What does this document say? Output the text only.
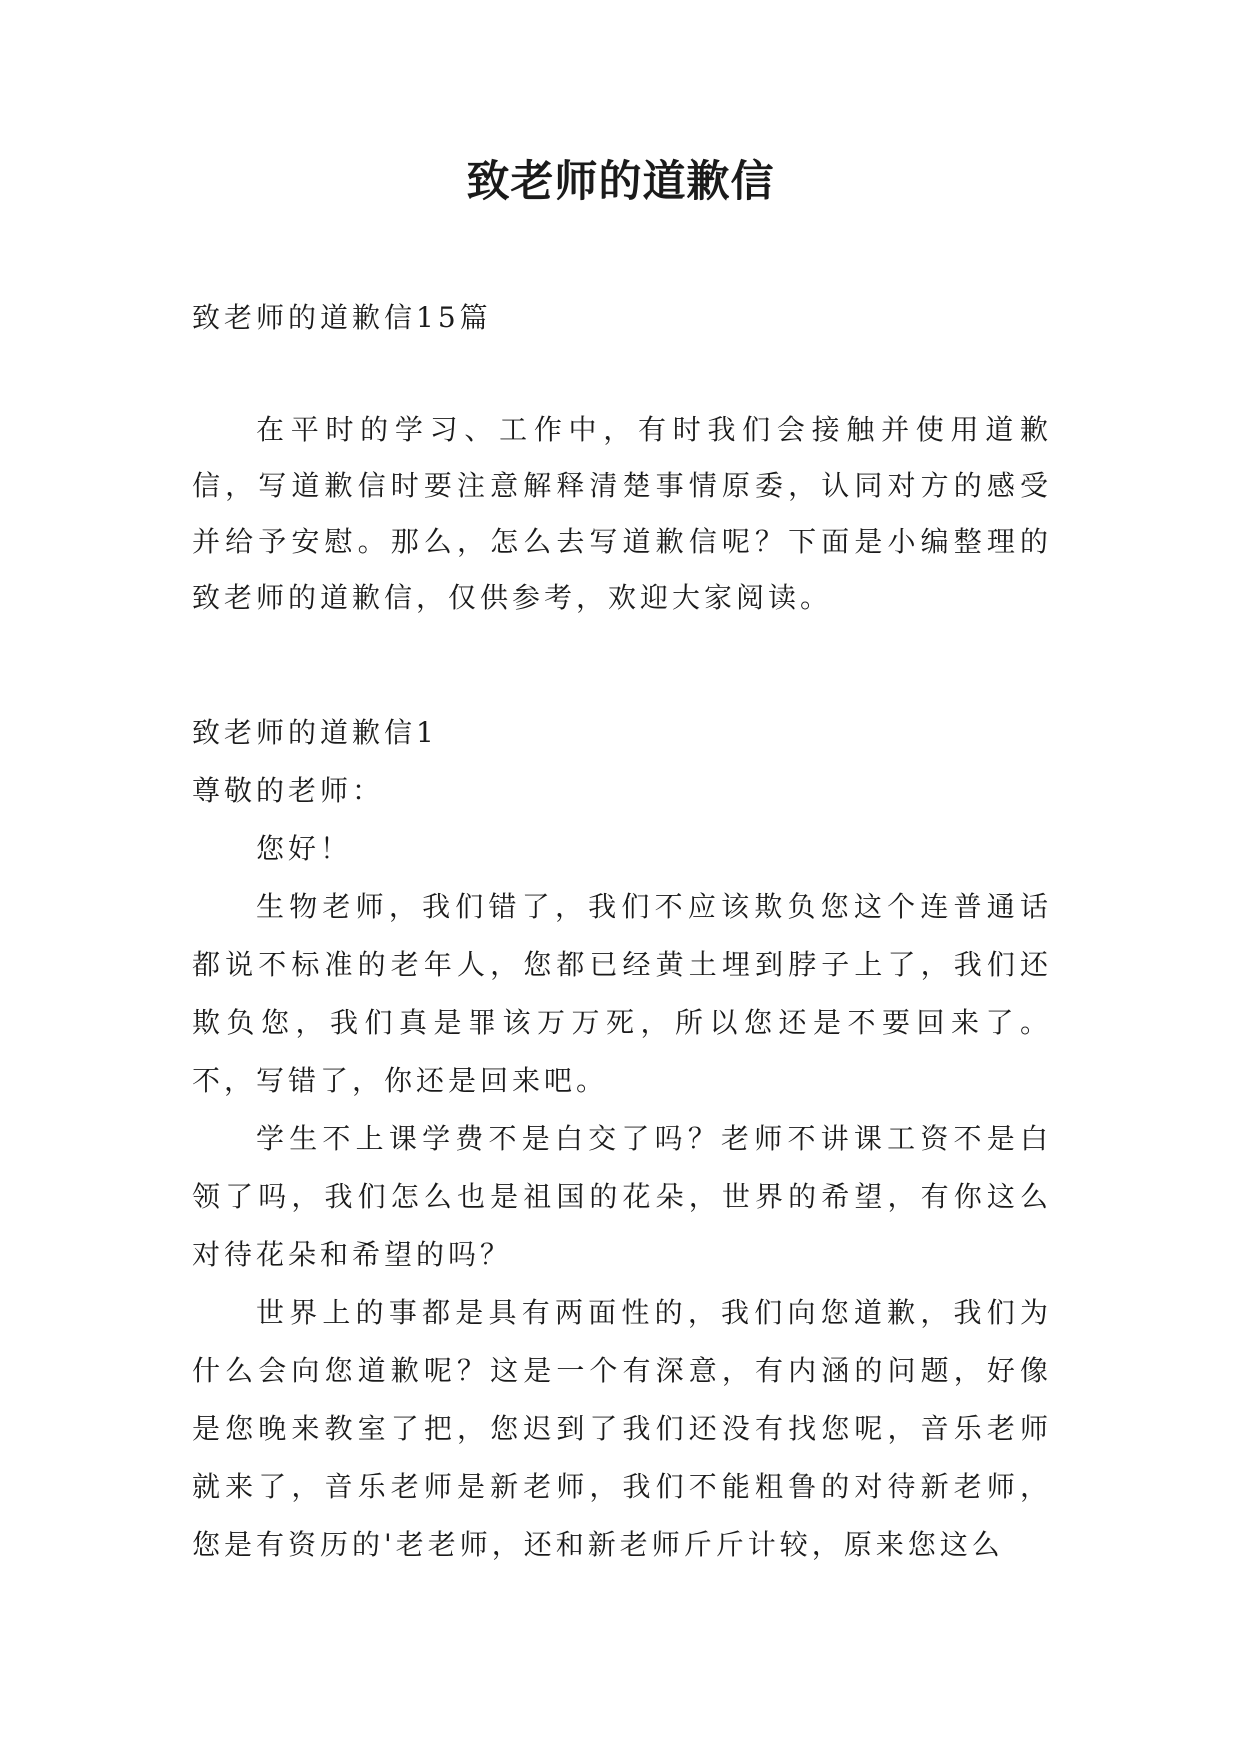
致老师的道歉信

致老师的道歉信15篇

在平时的学习、工作中，有时我们会接触并使用道歉信，写道歉信时要注意解释清楚事情原委，认同对方的感受并给予安慰。那么，怎么去写道歉信呢？下面是小编整理的致老师的道歉信，仅供参考，欢迎大家阅读。

致老师的道歉信1

尊敬的老师：

您好！

生物老师，我们错了，我们不应该欺负您这个连普通话都说不标准的老年人，您都已经黄土埋到脖子上了，我们还欺负您，我们真是罪该万万死，所以您还是不要回来了。不，写错了，你还是回来吧。

学生不上课学费不是白交了吗？老师不讲课工资不是白领了吗，我们怎么也是祖国的花朵，世界的希望，有你这么对待花朵和希望的吗？

世界上的事都是具有两面性的，我们向您道歉，我们为什么会向您道歉呢？这是一个有深意，有内涵的问题，好像是您晚来教室了把，您迟到了我们还没有找您呢，音乐老师就来了，音乐老师是新老师，我们不能粗鲁的对待新老师，您是有资历的'老老师，还和新老师斤斤计较，原来您这么
